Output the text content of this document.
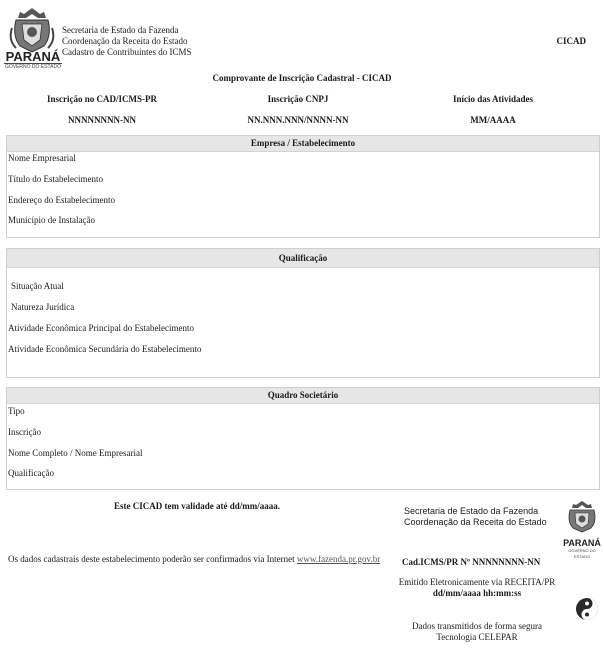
PARANÁ
GOVERNO DO ESTADO
Secretaria de Estado da Fazenda
Coordenação da Receita do Estado
Cadastro de Contribuintes do ICMS
CICAD
Comprovante de Inscrição Cadastral - CICAD
Inscrição no CAD/ICMS-PR	Inscrição CNPJ	Início das Atividades
NNNNNNNN-NN	NN.NNN.NNN/NNNN-NN	MM/AAAA
Empresa / Estabelecimento
Nome Empresarial
Título do Estabelecimento
Endereço do Estabelecimento
Município de Instalação
Qualificação
Situação Atual
Natureza Jurídica
Atividade Econômica Principal do Estabelecimento
Atividade Econômica Secundária do Estabelecimento
Quadro Societário
Tipo
Inscrição
Nome Completo / Nome Empresarial
Qualificação
Este CICAD tem validade até dd/mm/aaaa.
Os dados cadastrais deste estabelecimento poderão ser confirmados via Internet www.fazenda.pr.gov.br
Secretaria de Estado da Fazenda
Coordenação da Receita do Estado
PARANÁ
GOVERNO DO ESTADO
Cad.ICMS/PR Nº NNNNNNNN-NN
Emitido Eletronicamente via RECEITA/PR
dd/mm/aaaa hh:mm:ss
Dados transmitidos de forma segura
Tecnologia CELEPAR
